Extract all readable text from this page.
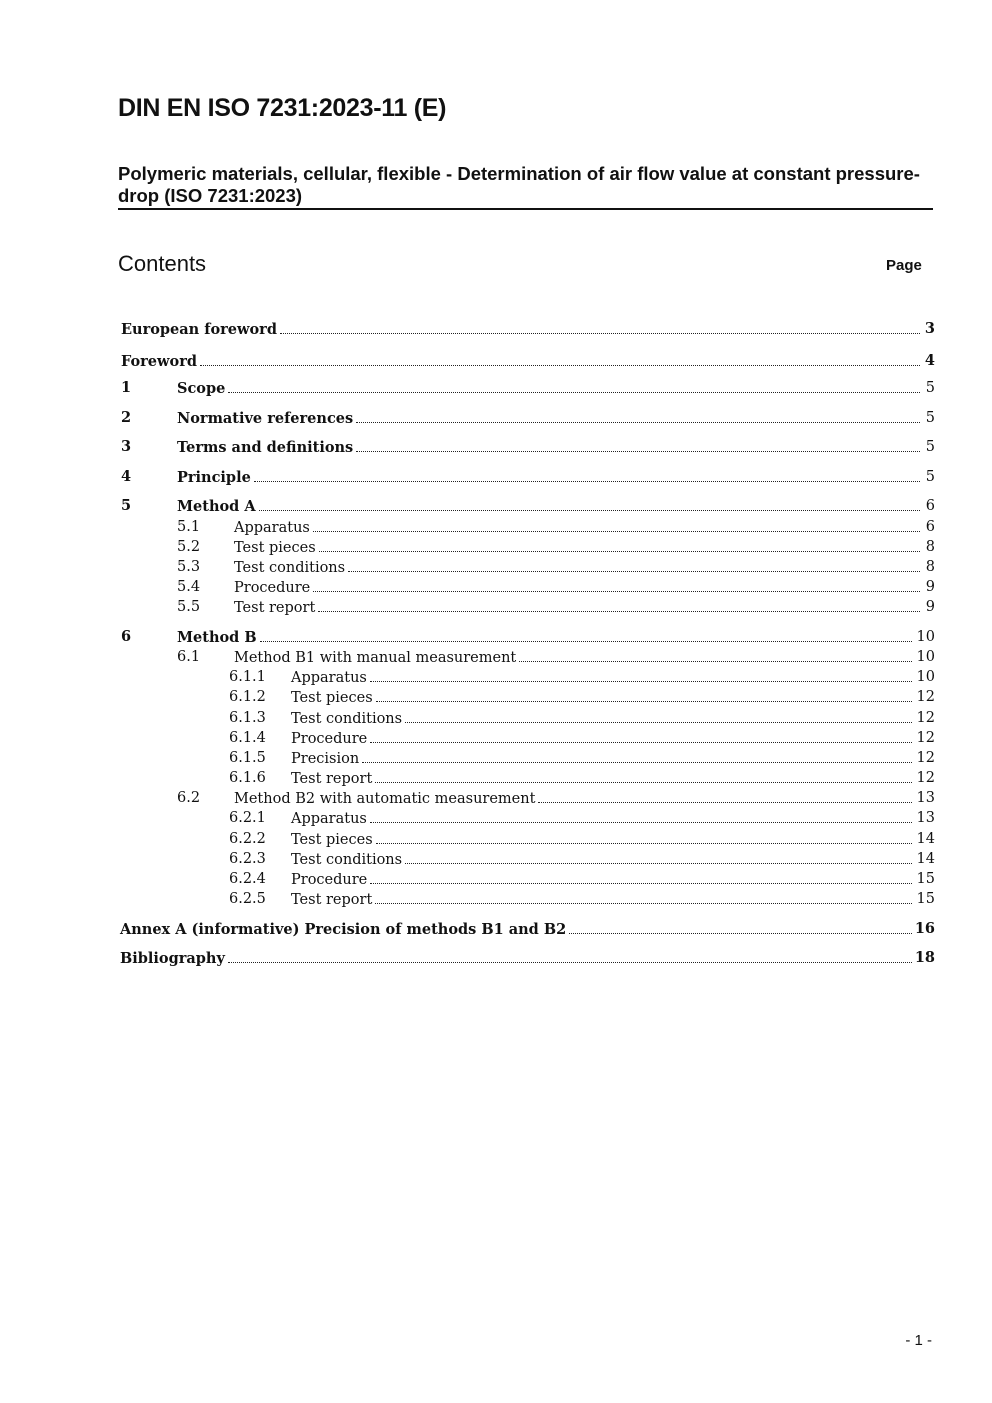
DIN EN ISO 7231:2023-11 (E)
Polymeric materials, cellular, flexible - Determination of air flow value at constant pressure-drop (ISO 7231:2023)
Contents	Page
European foreword	3
Foreword	4
1	Scope	5
2	Normative references	5
3	Terms and definitions	5
4	Principle	5
5	Method A	6
5.1 Apparatus	6
5.2 Test pieces	8
5.3 Test conditions	8
5.4 Procedure	9
5.5 Test report	9
6	Method B	10
6.1 Method B1 with manual measurement	10
6.1.1 Apparatus	10
6.1.2 Test pieces	12
6.1.3 Test conditions	12
6.1.4 Procedure	12
6.1.5 Precision	12
6.1.6 Test report	12
6.2 Method B2 with automatic measurement	13
6.2.1 Apparatus	13
6.2.2 Test pieces	14
6.2.3 Test conditions	14
6.2.4 Procedure	15
6.2.5 Test report	15
Annex A (informative) Precision of methods B1 and B2	16
Bibliography	18
- 1 -
